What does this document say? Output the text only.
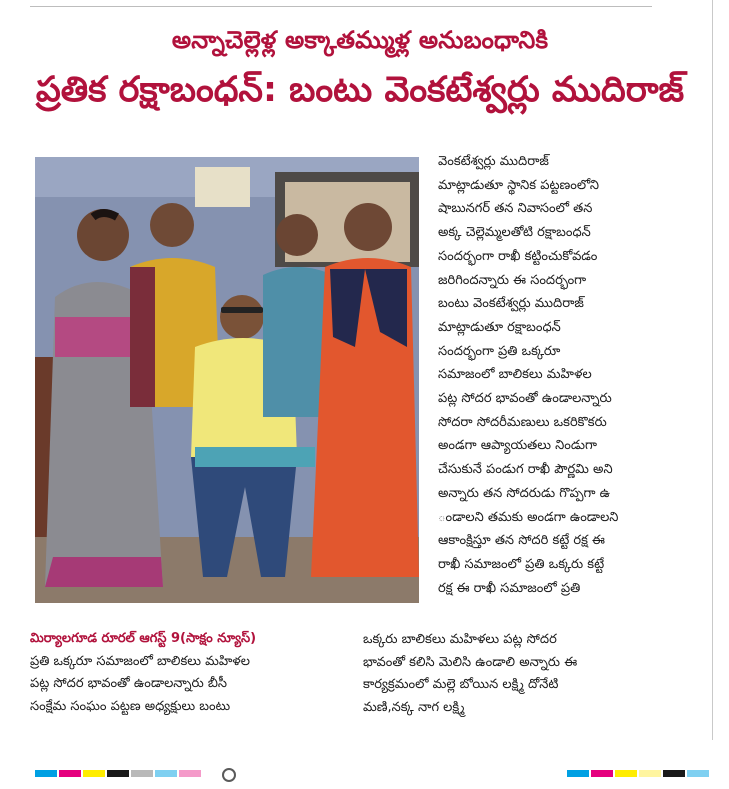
అన్నాచెల్లెళ్ల అక్కాతమ్ముళ్ల అనుబంధానికి
ప్రతిక రక్షాబంధన్: బంటు వెంకటేశ్వర్లు ముదిరాజ్
వెంకటేశ్వర్లు ముదిరాజ్
మాట్లాడుతూ స్థానిక పట్టణంలోని
షాబునగర్ తన నివాసంలో తన
అక్క చెల్లెమ్మలతోటి రక్షాబంధన్
సందర్భంగా రాఖీ కట్టించుకోవడం
జరిగిందన్నారు ఈ సందర్భంగా
బంటు వెంకటేశ్వర్లు ముదిరాజ్
మాట్లాడుతూ రక్షాబంధన్
సందర్భంగా ప్రతి ఒక్కరూ
సమాజంలో బాలికలు మహిళల
పట్ల సోదర భావంతో ఉండాలన్నారు
సోదరా సోదరీమణులు ఒకరికొకరు
అండగా ఆప్యాయతలు నిండుగా
చేసుకునే పండుగ రాఖీ పౌర్ణమి అని
అన్నారు తన సోదరుడు గొప్పగా ఉ
ండాలని తమకు అండగా ఉండాలని
ఆకాంక్షిస్తూ తన సోదరి కట్టే రక్ష ఈ
రాఖీ సమాజంలో ప్రతి ఒక్కరు కట్టే
రక్ష ఈ రాఖీ సమాజంలో ప్రతి
మిర్యాలగూడ రూరల్ ఆగస్ట్ 9(సాక్షం న్యూస్)
ప్రతి ఒక్కరూ సమాజంలో బాలికలు మహిళల
పట్ల సోదర భావంతో ఉండాలన్నారు బీసీ
సంక్షేమ సంఘం పట్టణ అధ్యక్షులు బంటు
ఒక్కరు బాలికలు మహిళలు పట్ల సోదర
భావంతో కలిసి మెలిసి ఉండాలి అన్నారు ఈ
కార్యక్రమంలో మల్లె బోయిన లక్ష్మి దోనేటి
మణి,నక్క నాగ లక్ష్మి
